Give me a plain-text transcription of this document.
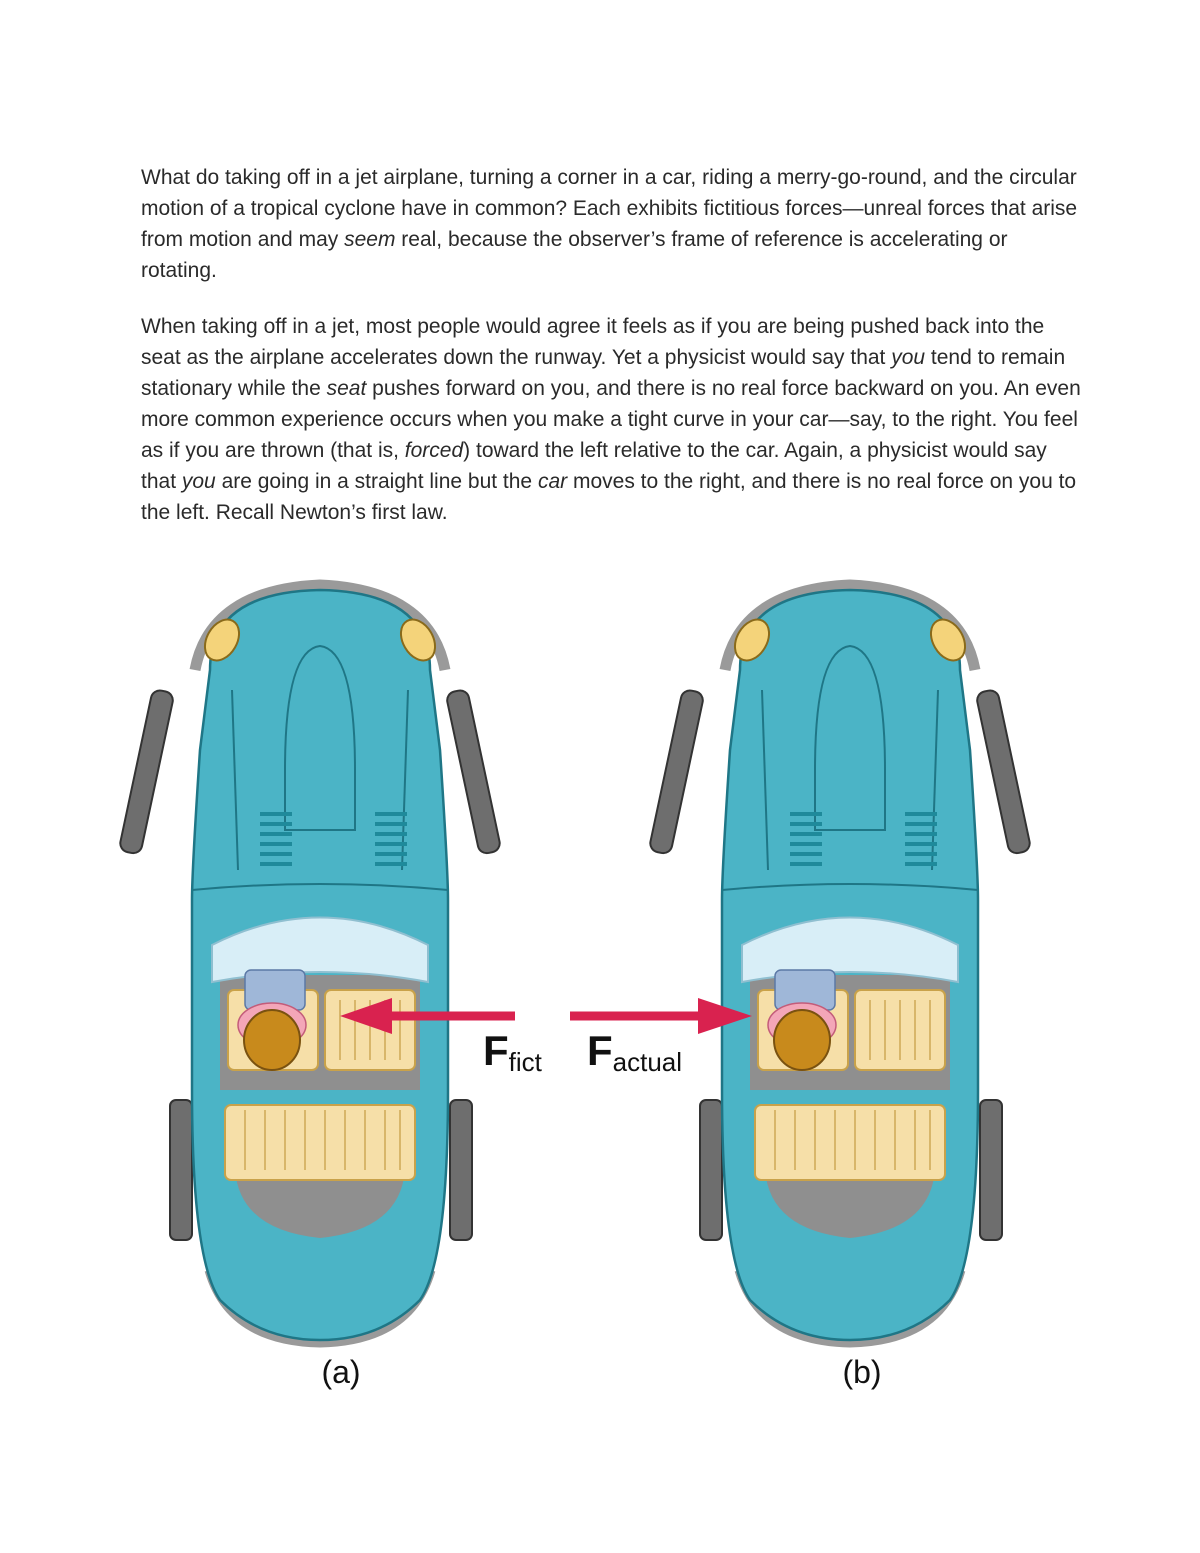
What do taking off in a jet airplane, turning a corner in a car, riding a merry-go-round, and the circular motion of a tropical cyclone have in common? Each exhibits fictitious forces—unreal forces that arise from motion and may seem real, because the observer’s frame of reference is accelerating or rotating.

When taking off in a jet, most people would agree it feels as if you are being pushed back into the seat as the airplane accelerates down the runway. Yet a physicist would say that you tend to remain stationary while the seat pushes forward on you, and there is no real force backward on you. An even more common experience occurs when you make a tight curve in your car—say, to the right. You feel as if you are thrown (that is, forced) toward the left relative to the car. Again, a physicist would say that you are going in a straight line but the car moves to the right, and there is no real force on you to the left. Recall Newton’s first law.

Ffict Factual
(a)	(b)
